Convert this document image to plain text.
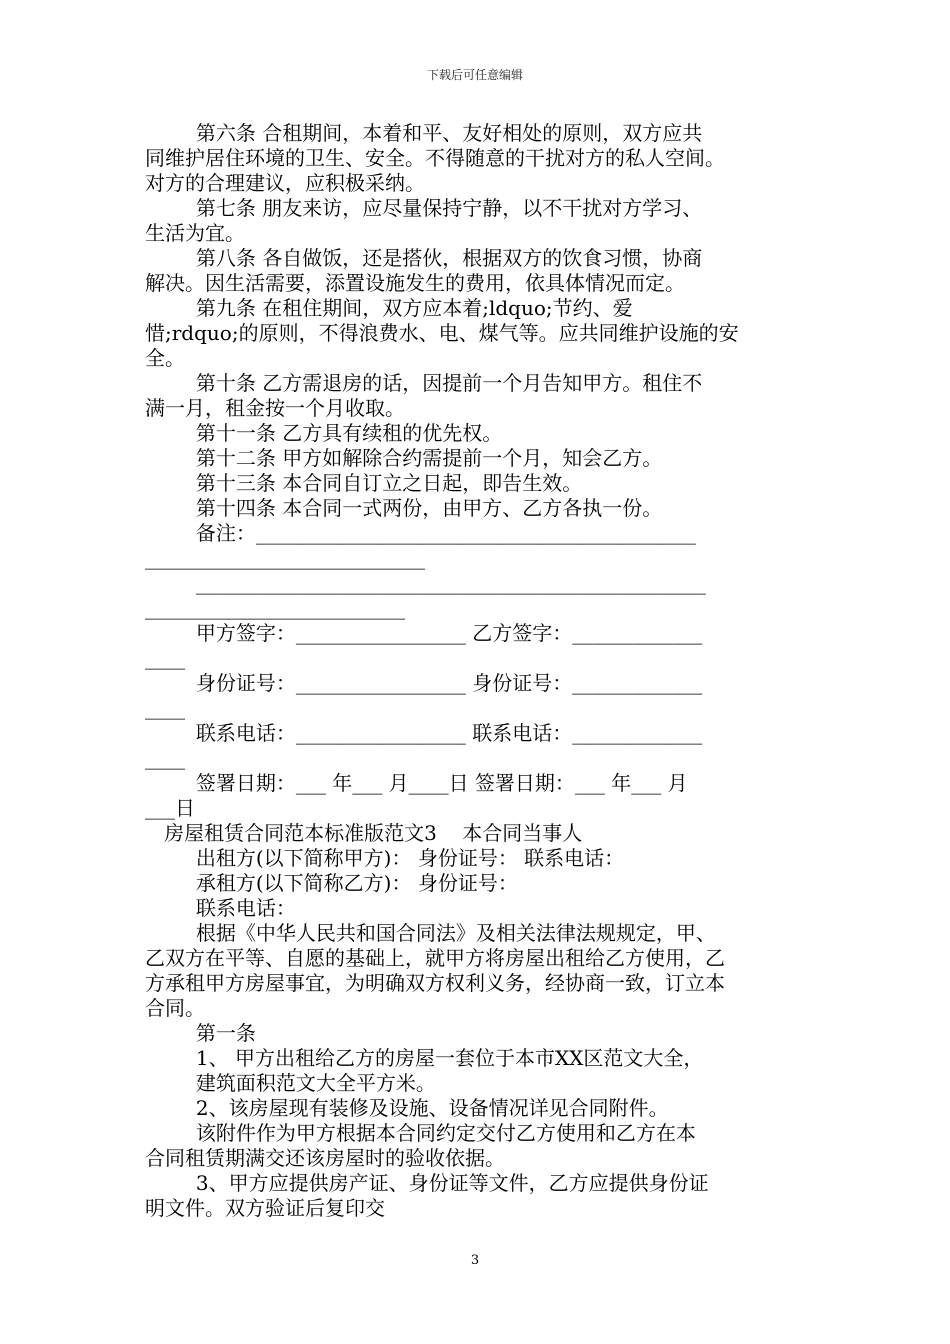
下载后可任意编辑
第六条 合租期间，本着和平、友好相处的原则，双方应共
同维护居住环境的卫生、安全。不得随意的干扰对方的私人空间。
对方的合理建议，应积极采纳。
第七条 朋友来访，应尽量保持宁静，以不干扰对方学习、
生活为宜。
第八条 各自做饭，还是搭伙，根据双方的饮食习惯，协商
解决。因生活需要，添置设施发生的费用，依具体情况而定。
第九条 在租住期间，双方应本着;ldquo;节约、爱
惜;rdquo;的原则，不得浪费水、电、煤气等。应共同维护设施的安
全。
第十条 乙方需退房的话，因提前一个月告知甲方。租住不
满一月，租金按一个月收取。
第十一条 乙方具有续租的优先权。
第十二条 甲方如解除合约需提前一个月，知会乙方。
第十三条 本合同自订立之日起，即告生效。
第十四条 本合同一式两份，由甲方、乙方各执一份。
备注：____________________________________________
____________________________
___________________________________________________
__________________________
甲方签字：_________________ 乙方签字：_____________
____
身份证号：_________________ 身份证号：_____________
____
联系电话：_________________ 联系电话：_____________
____
签署日期：___ 年___ 月____日 签署日期：___ 年___ 月
___日
房屋租赁合同范本标准版范文3    本合同当事人
出租方(以下简称甲方)： 身份证号： 联系电话：
承租方(以下简称乙方)： 身份证号：
联系电话：
根据《中华人民共和国合同法》及相关法律法规规定，甲、
乙双方在平等、自愿的基础上，就甲方将房屋出租给乙方使用，乙
方承租甲方房屋事宜，为明确双方权利义务，经协商一致，订立本
合同。
第一条
1、 甲方出租给乙方的房屋一套位于本市XX区范文大全，
建筑面积范文大全平方米。
2、该房屋现有装修及设施、设备情况详见合同附件。
该附件作为甲方根据本合同约定交付乙方使用和乙方在本
合同租赁期满交还该房屋时的验收依据。
3、甲方应提供房产证、身份证等文件，乙方应提供身份证
明文件。双方验证后复印交
3
